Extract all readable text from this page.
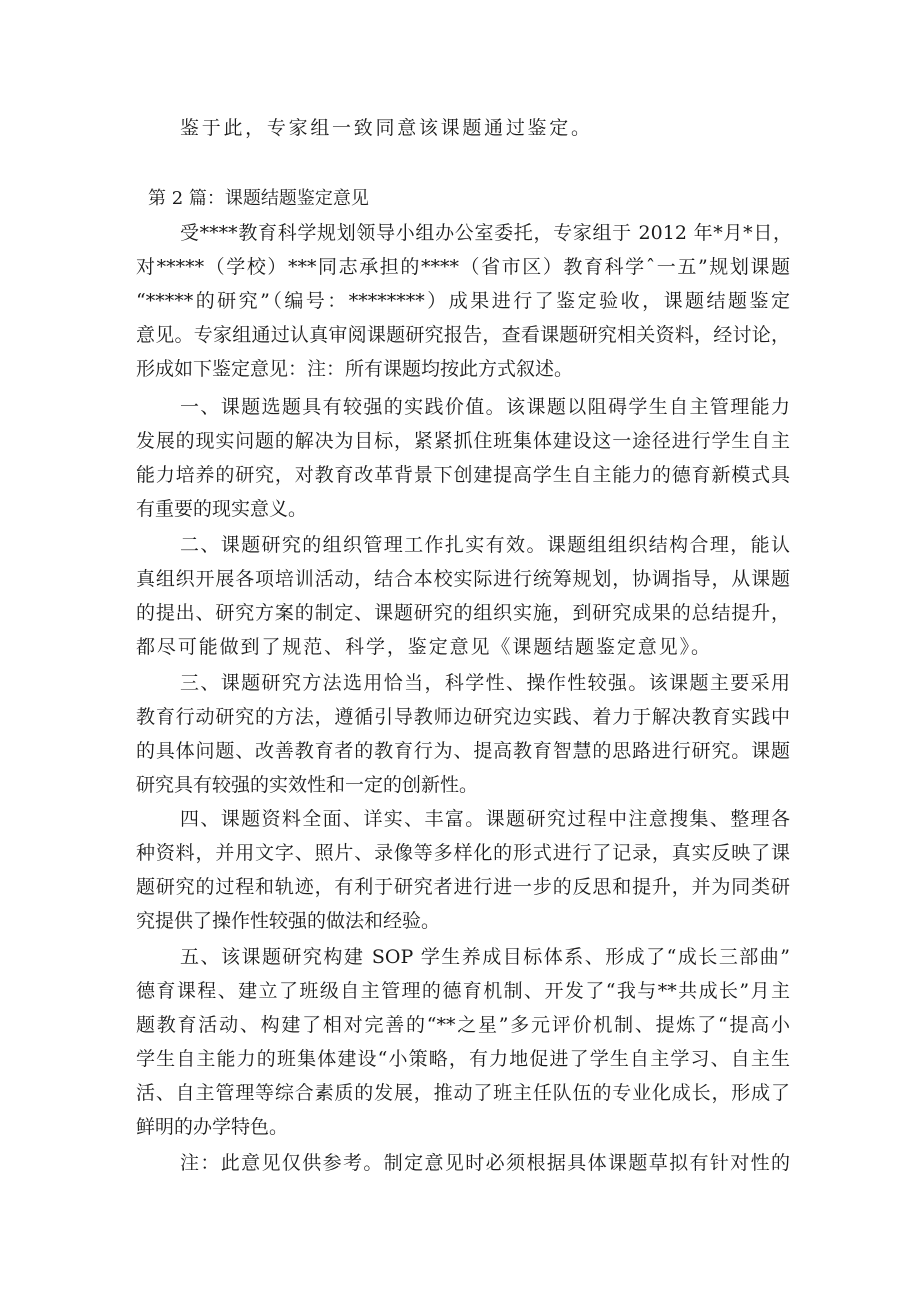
鉴于此，专家组一致同意该课题通过鉴定。
第 2 篇：课题结题鉴定意见
受****教育科学规划领导小组办公室委托，专家组于 2012 年*月*日，
对*****（学校）***同志承担的****（省市区）教育科学ˆ一五”规划课题
“*****的研究”（编号：********）成果进行了鉴定验收，课题结题鉴定
意见。专家组通过认真审阅课题研究报告，查看课题研究相关资料，经讨论，
形成如下鉴定意见：注：所有课题均按此方式叙述。
一、课题选题具有较强的实践价值。该课题以阻碍学生自主管理能力
发展的现实问题的解决为目标，紧紧抓住班集体建设这一途径进行学生自主
能力培养的研究，对教育改革背景下创建提高学生自主能力的德育新模式具
有重要的现实意义。
二、课题研究的组织管理工作扎实有效。课题组组织结构合理，能认
真组织开展各项培训活动，结合本校实际进行统筹规划，协调指导，从课题
的提出、研究方案的制定、课题研究的组织实施，到研究成果的总结提升，
都尽可能做到了规范、科学，鉴定意见《课题结题鉴定意见》。
三、课题研究方法选用恰当，科学性、操作性较强。该课题主要采用
教育行动研究的方法，遵循引导教师边研究边实践、着力于解决教育实践中
的具体问题、改善教育者的教育行为、提高教育智慧的思路进行研究。课题
研究具有较强的实效性和一定的创新性。
四、课题资料全面、详实、丰富。课题研究过程中注意搜集、整理各
种资料，并用文字、照片、录像等多样化的形式进行了记录，真实反映了课
题研究的过程和轨迹，有利于研究者进行进一步的反思和提升，并为同类研
究提供了操作性较强的做法和经验。
五、该课题研究构建 SOP 学生养成目标体系、形成了“成长三部曲”
德育课程、建立了班级自主管理的德育机制、开发了“我与**共成长”月主
题教育活动、构建了相对完善的“**之星”多元评价机制、提炼了“提高小
学生自主能力的班集体建设“小策略，有力地促进了学生自主学习、自主生
活、自主管理等综合素质的发展，推动了班主任队伍的专业化成长，形成了
鲜明的办学特色。
注：此意见仅供参考。制定意见时必须根据具体课题草拟有针对性的
